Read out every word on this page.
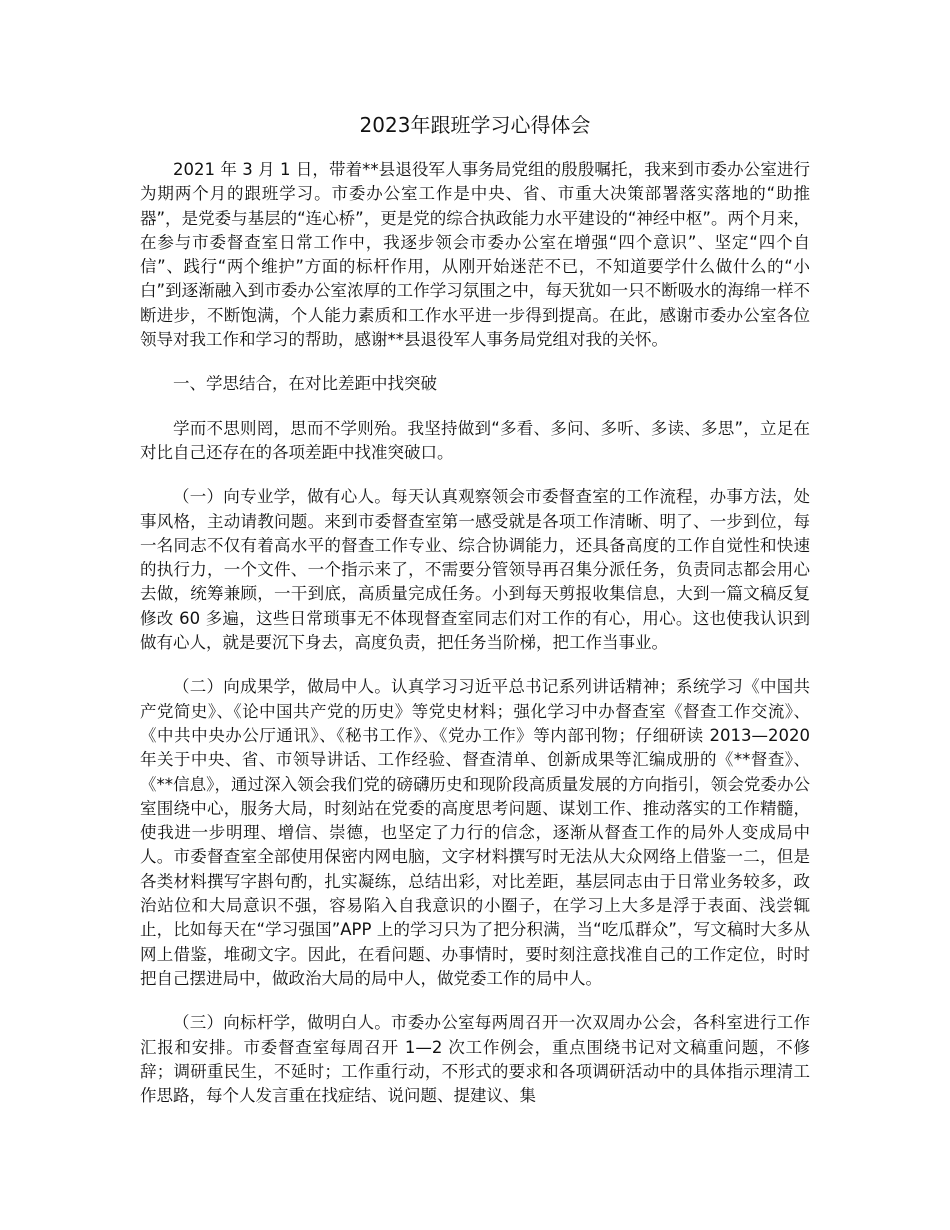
2023年跟班学习心得体会

2021 年 3 月 1 日，带着**县退役军人事务局党组的殷殷嘱托，我来到市委办公室进行为期两个月的跟班学习。市委办公室工作是中央、省、市重大决策部署落实落地的“助推器”，是党委与基层的“连心桥”，更是党的综合执政能力水平建设的“神经中枢”。两个月来，在参与市委督查室日常工作中，我逐步领会市委办公室在增强“四个意识”、坚定“四个自信”、践行“两个维护”方面的标杆作用，从刚开始迷茫不已，不知道要学什么做什么的“小白”到逐渐融入到市委办公室浓厚的工作学习氛围之中，每天犹如一只不断吸水的海绵一样不断进步，不断饱满，个人能力素质和工作水平进一步得到提高。在此，感谢市委办公室各位领导对我工作和学习的帮助，感谢**县退役军人事务局党组对我的关怀。

一、学思结合，在对比差距中找突破

学而不思则罔，思而不学则殆。我坚持做到“多看、多问、多听、多读、多思”，立足在对比自己还存在的各项差距中找准突破口。

（一）向专业学，做有心人。每天认真观察领会市委督查室的工作流程，办事方法，处事风格，主动请教问题。来到市委督查室第一感受就是各项工作清晰、明了、一步到位，每一名同志不仅有着高水平的督查工作专业、综合协调能力，还具备高度的工作自觉性和快速的执行力，一个文件、一个指示来了，不需要分管领导再召集分派任务，负责同志都会用心去做，统筹兼顾，一干到底，高质量完成任务。小到每天剪报收集信息，大到一篇文稿反复修改 60 多遍，这些日常琐事无不体现督查室同志们对工作的有心，用心。这也使我认识到做有心人，就是要沉下身去，高度负责，把任务当阶梯，把工作当事业。

（二）向成果学，做局中人。认真学习习近平总书记系列讲话精神；系统学习《中国共产党简史》、《论中国共产党的历史》等党史材料；强化学习中办督查室《督查工作交流》、《中共中央办公厅通讯》、《秘书工作》、《党办工作》等内部刊物；仔细研读 2013—2020 年关于中央、省、市领导讲话、工作经验、督查清单、创新成果等汇编成册的《**督查》、《**信息》，通过深入领会我们党的磅礴历史和现阶段高质量发展的方向指引，领会党委办公室围绕中心，服务大局，时刻站在党委的高度思考问题、谋划工作、推动落实的工作精髓，使我进一步明理、增信、崇德，也坚定了力行的信念，逐渐从督查工作的局外人变成局中人。市委督查室全部使用保密内网电脑，文字材料撰写时无法从大众网络上借鉴一二，但是各类材料撰写字斟句酌，扎实凝练，总结出彩，对比差距，基层同志由于日常业务较多，政治站位和大局意识不强，容易陷入自我意识的小圈子，在学习上大多是浮于表面、浅尝辄止，比如每天在“学习强国”APP 上的学习只为了把分积满，当“吃瓜群众”，写文稿时大多从网上借鉴，堆砌文字。因此，在看问题、办事情时，要时刻注意找准自己的工作定位，时时把自己摆进局中，做政治大局的局中人，做党委工作的局中人。

（三）向标杆学，做明白人。市委办公室每两周召开一次双周办公会，各科室进行工作汇报和安排。市委督查室每周召开 1—2 次工作例会，重点围绕书记对文稿重问题，不修辞；调研重民生，不延时；工作重行动，不形式的要求和各项调研活动中的具体指示理清工作思路，每个人发言重在找症结、说问题、提建议、集
